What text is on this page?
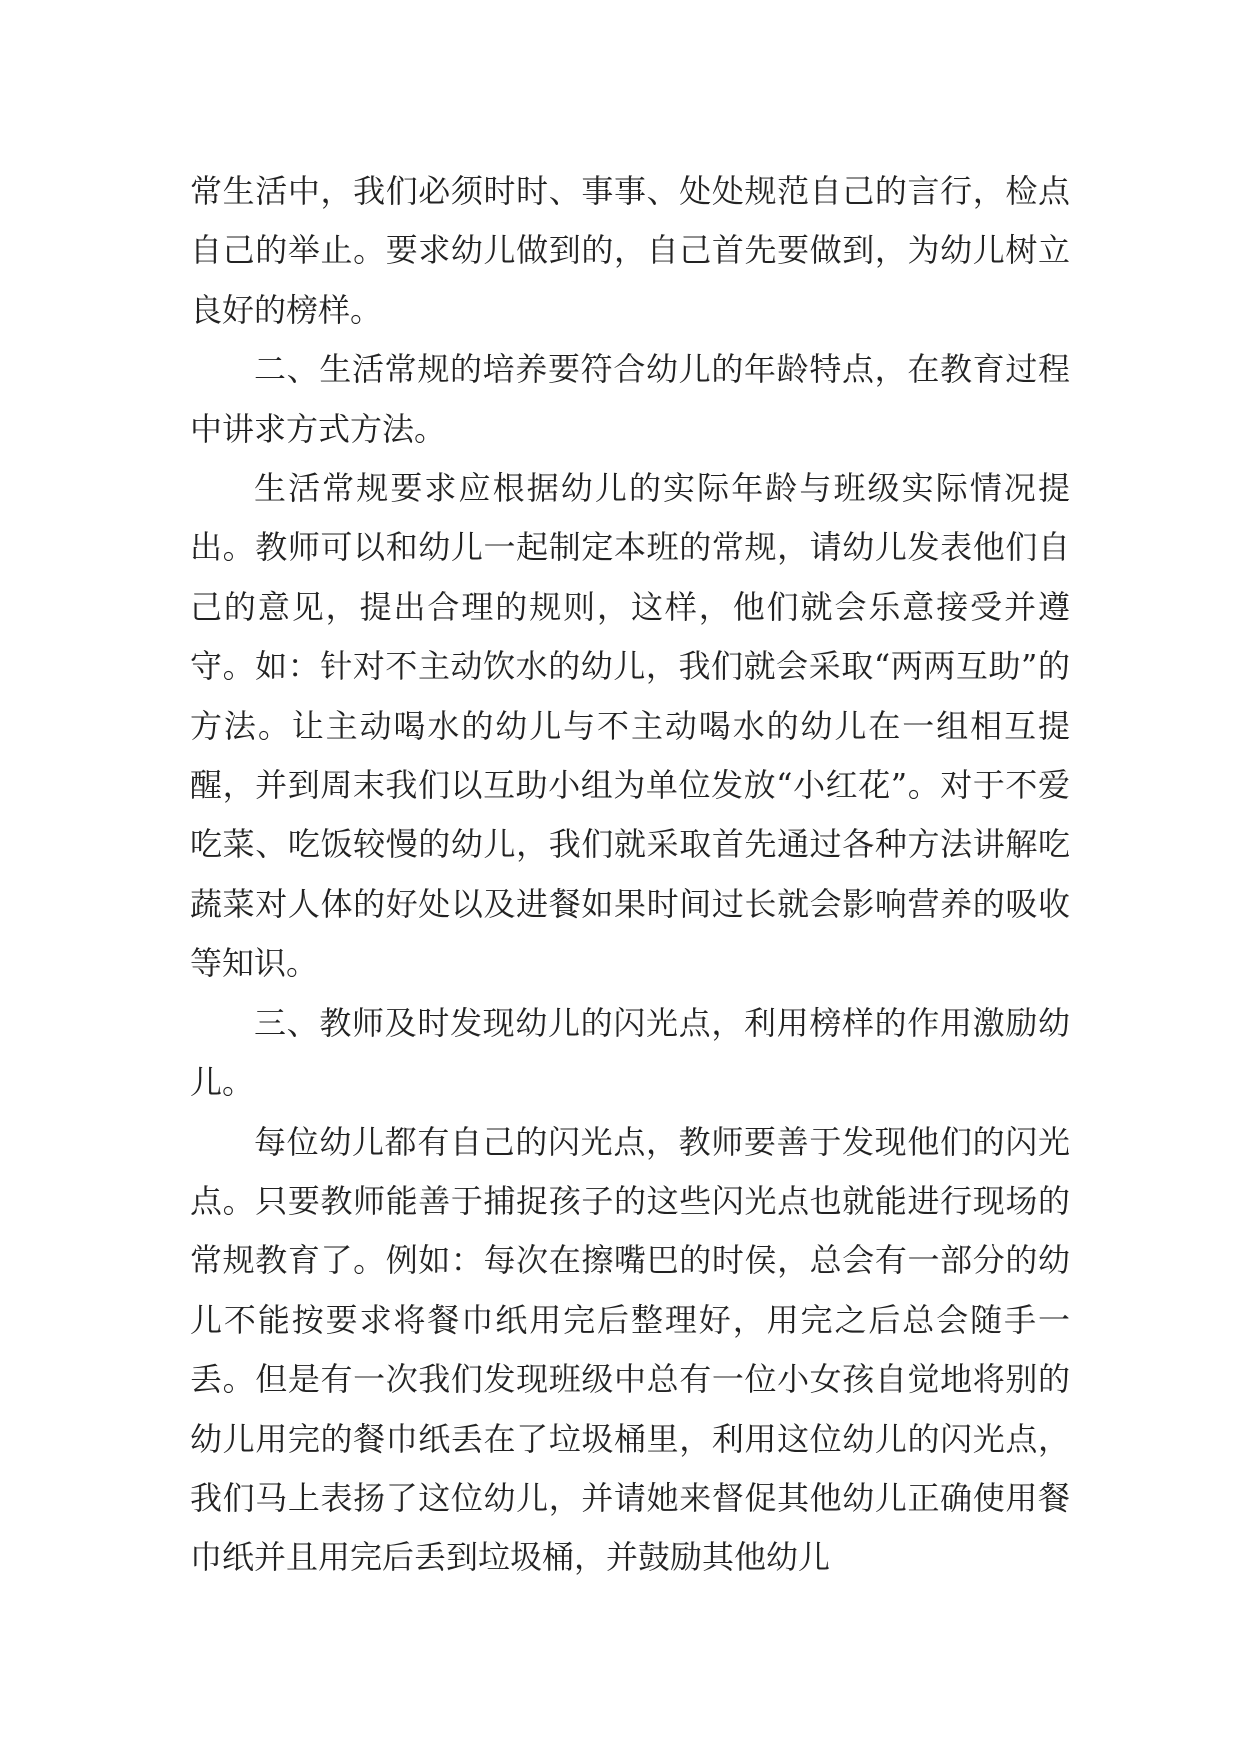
常生活中，我们必须时时、事事、处处规范自己的言行，检点自己的举止。要求幼儿做到的，自己首先要做到，为幼儿树立良好的榜样。

二、生活常规的培养要符合幼儿的年龄特点，在教育过程中讲求方式方法。

生活常规要求应根据幼儿的实际年龄与班级实际情况提出。教师可以和幼儿一起制定本班的常规，请幼儿发表他们自己的意见，提出合理的规则，这样，他们就会乐意接受并遵守。如：针对不主动饮水的幼儿，我们就会采取“两两互助”的方法。让主动喝水的幼儿与不主动喝水的幼儿在一组相互提醒，并到周末我们以互助小组为单位发放“小红花”。对于不爱吃菜、吃饭较慢的幼儿，我们就采取首先通过各种方法讲解吃蔬菜对人体的好处以及进餐如果时间过长就会影响营养的吸收等知识。

三、教师及时发现幼儿的闪光点，利用榜样的作用激励幼儿。

每位幼儿都有自己的闪光点，教师要善于发现他们的闪光点。只要教师能善于捕捉孩子的这些闪光点也就能进行现场的常规教育了。例如：每次在擦嘴巴的时侯，总会有一部分的幼儿不能按要求将餐巾纸用完后整理好，用完之后总会随手一丢。但是有一次我们发现班级中总有一位小女孩自觉地将别的幼儿用完的餐巾纸丢在了垃圾桶里，利用这位幼儿的闪光点，我们马上表扬了这位幼儿，并请她来督促其他幼儿正确使用餐巾纸并且用完后丢到垃圾桶，并鼓励其他幼儿
